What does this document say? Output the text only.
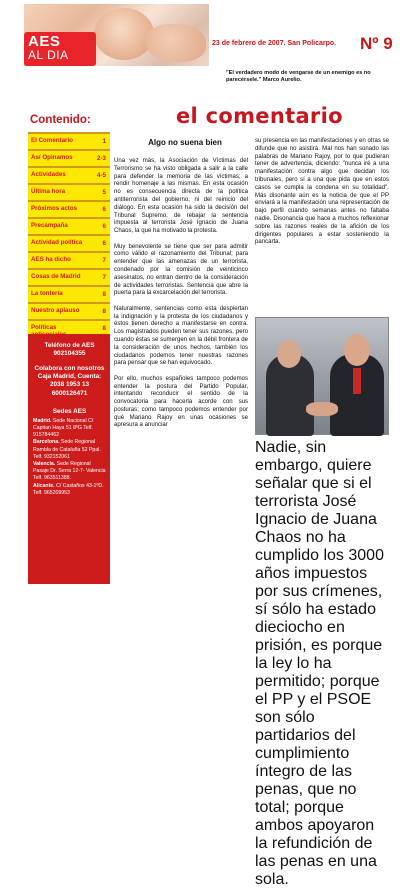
AES
AL DIA
23 de febrero de 2007. San Policarpo. Nº 9
"El verdadero modo de vengarse de un enemigo es no parecérsele." Marco Aurelio.
Contenido:
El Comentario	1
Así Opinamos	2-3
Actividades	4-5
Última hora	5
Próximos actos	6
Precampaña	6
Actividad política	6
AES ha dicho	7
Cosas de Madrid	7
La tontería	8
Nuestro aplauso	8
Políticas	8
Teléfono de AES
902104355
Colabora con nosotros Caja Madrid, Cuenta: 2038 1953 13 6000126471
Sedes AES
Madrid. Sede Nacional C/ Capitan Haya 51 8ºG Telf. 915784462
Barcelona. Sede Regional Rambla de Cataluña 52 Ppal. Telf. 932152061
Valencia. Sede Regional Pasaje Dr. Serra 12-7- Valencia Telf. 963511388.
Alicante. C/ Castaños 43-1ºD. Telf. 965209953
el comentario
Algo no suena bien

Una vez más, la Asociación de Víctimas del Terrorismo se ha visto obligada a salir a la calle para defender la memoria de las víctimas; a rendir homenaje a las mismas. En esta ocasión no es consecuencia directa de la política antiterrorista del gobierno, ni del reinicio del diálogo. En esta ocasión ha sido la decisión del Tribunal Supremo, de rebajar la sentencia impuesta al terrorista José Ignacio de Juana Chaos, la que ha motivado la protesta.

Muy benevolente se tiene que ser para admitir como válido el razonamiento del Tribunal; para entender que las amenazas de un terrorista, condenado por la comisión de veinticinco asesinatos, no entran dentro de la consideración de actividades terroristas. Sentencia que abre la puerta para la excarcelación del terrorista.

Naturalmente, sentencias como esta despiertan la indignación y la protesta de los ciudadanos y éstos tienen derecho a manifestarse en contra. Los magistrados pueden tener sus razones, pero cuando éstas se sumergen en la débil frontera de la consideración de unos hechos, también los ciudadanos podemos tener nuestras razones para pensar que se han equivocado.

Por ello, muchos españoles tampoco podemos entender la postura del Partido Popular, intentando reconducir el sentido de la convocatoria para hacerla acorde con sus posturas; como tampoco podemos entender por qué Mariano Rajoy en unas ocasiones se apresura a anunciar

su presencia en las manifestaciones y en otras se difunde que no asistirá. Mal nos han sonado las palabras de Mariano Rajoy, por lo que pudieran tener de advertencia, diciendo: "nunca iré a una manifestación contra algo que decidan los tribunales, pero sí a una que pida que en estos casos se cumpla la condena en su totalidad". Más disonante aún es la noticia de que el PP enviará a la manifestación una representación de bajo perfil cuando semanas antes no faltaba nadie. Disonancia que hace a muchos reflexionar sobre las razones reales de la afición de los dirigentes populares a estar sosteniendo la pancarta.

Nadie, sin embargo, quiere señalar que si el terrorista José Ignacio de Juana Chaos no ha cumplido los 3000 años impuestos por sus crímenes, sí sólo ha estado dieciocho en prisión, es porque la ley lo ha permitido; porque el PP y el PSOE son sólo partidarios del cumplimiento íntegro de las penas, que no total; porque ambos apoyaron la refundición de las penas en una sola.
